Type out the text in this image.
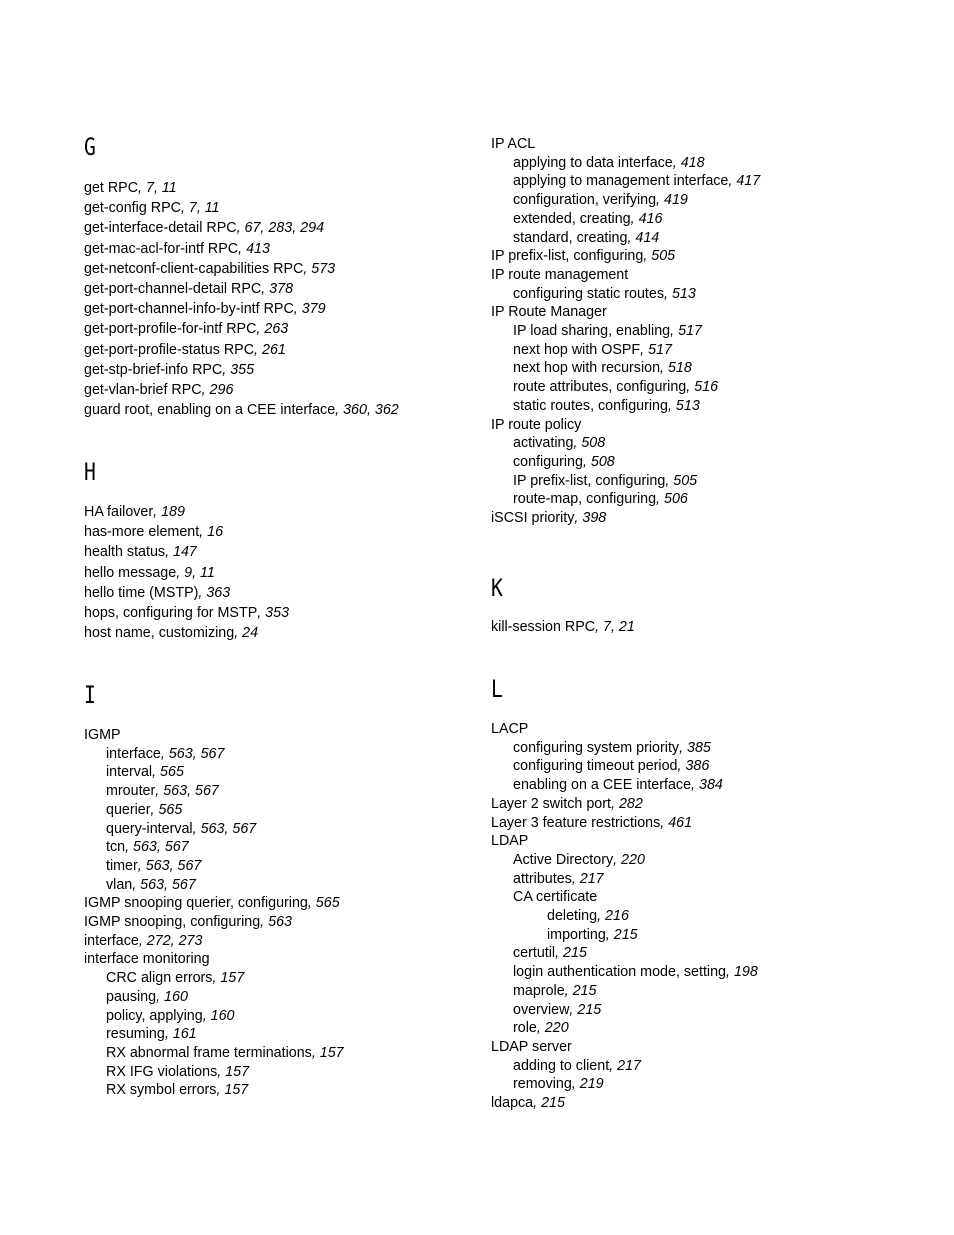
G
get RPC, 7, 11
get-config RPC, 7, 11
get-interface-detail RPC, 67, 283, 294
get-mac-acl-for-intf RPC, 413
get-netconf-client-capabilities RPC, 573
get-port-channel-detail RPC, 378
get-port-channel-info-by-intf RPC, 379
get-port-profile-for-intf RPC, 263
get-port-profile-status RPC, 261
get-stp-brief-info RPC, 355
get-vlan-brief RPC, 296
guard root, enabling on a CEE interface, 360, 362
H
HA failover, 189
has-more element, 16
health status, 147
hello message, 9, 11
hello time (MSTP), 363
hops, configuring for MSTP, 353
host name, customizing, 24
I
IGMP
interface, 563, 567
interval, 565
mrouter, 563, 567
querier, 565
query-interval, 563, 567
tcn, 563, 567
timer, 563, 567
vlan, 563, 567
IGMP snooping querier, configuring, 565
IGMP snooping, configuring, 563
interface, 272, 273
interface monitoring
CRC align errors, 157
pausing, 160
policy, applying, 160
resuming, 161
RX abnormal frame terminations, 157
RX IFG violations, 157
RX symbol errors, 157
IP ACL
applying to data interface, 418
applying to management interface, 417
configuration, verifying, 419
extended, creating, 416
standard, creating, 414
IP prefix-list, configuring, 505
IP route management
configuring static routes, 513
IP Route Manager
IP load sharing, enabling, 517
next hop with OSPF, 517
next hop with recursion, 518
route attributes, configuring, 516
static routes, configuring, 513
IP route policy
activating, 508
configuring, 508
IP prefix-list, configuring, 505
route-map, configuring, 506
iSCSI priority, 398
K
kill-session RPC, 7, 21
L
LACP
configuring system priority, 385
configuring timeout period, 386
enabling on a CEE interface, 384
Layer 2 switch port, 282
Layer 3 feature restrictions, 461
LDAP
Active Directory, 220
attributes, 217
CA certificate
deleting, 216
importing, 215
certutil, 215
login authentication mode, setting, 198
maprole, 215
overview, 215
role, 220
LDAP server
adding to client, 217
removing, 219
ldapca, 215
